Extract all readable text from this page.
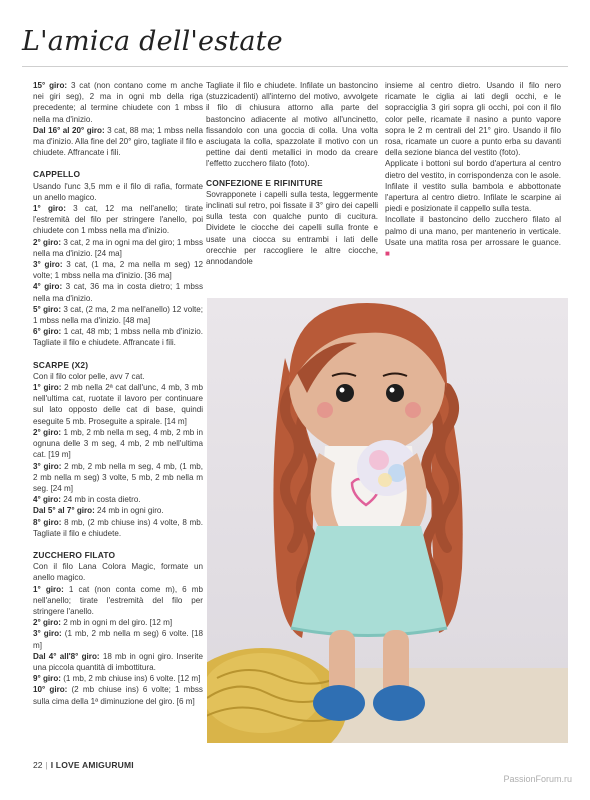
L'amica dell'estate

15° giro: 3 cat (non contano come m anche nei giri seg), 2 ma in ogni mb della riga precedente; al termine chiudete con 1 mbss nella ma d'inizio.

Dal 16° al 20° giro: 3 cat, 88 ma; 1 mbss nella ma d'inizio. Alla fine del 20° giro, tagliate il filo e chiudete. Affrancate i fili.

CAPPELLO

Usando l'unc 3,5 mm e il filo di rafia, formate un anello magico.

1° giro: 3 cat, 12 ma nell'anello; tirate l'estremità del filo per stringere l'anello, poi chiudete con 1 mbss nella ma d'inizio.

2° giro: 3 cat, 2 ma in ogni ma del giro; 1 mbss nella ma d'inizio. [24 ma]

3° giro: 3 cat, (1 ma, 2 ma nella m seg) 12 volte; 1 mbss nella ma d'inizio. [36 ma]

4° giro: 3 cat, 36 ma in costa dietro; 1 mbss nella ma d'inizio.

5° giro: 3 cat, (2 ma, 2 ma nell'anello) 12 volte; 1 mbss nella ma d'inizio. [48 ma]

6° giro: 1 cat, 48 mb; 1 mbss nella mb d'inizio. Tagliate il filo e chiudete. Affrancate i fili.

SCARPE (X2)

Con il filo color pelle, avv 7 cat.

1° giro: 2 mb nella 2ª cat dall'unc, 4 mb, 3 mb nell'ultima cat, ruotate il lavoro per continuare sul lato opposto delle cat di base, quindi eseguite 5 mb. Proseguite a spirale. [14 m]

2° giro: 1 mb, 2 mb nella m seg, 4 mb, 2 mb in ognuna delle 3 m seg, 4 mb, 2 mb nell'ultima cat. [19 m]

3° giro: 2 mb, 2 mb nella m seg, 4 mb, (1 mb, 2 mb nella m seg) 3 volte, 5 mb, 2 mb nella m seg. [24 m]

4° giro: 24 mb in costa dietro.

Dal 5° al 7° giro: 24 mb in ogni giro.

8° giro: 8 mb, (2 mb chiuse ins) 4 volte, 8 mb. Tagliate il filo e chiudete.

ZUCCHERO FILATO

Con il filo Lana Colora Magic, formate un anello magico.

1° giro: 1 cat (non conta come m), 6 mb nell'anello; tirate l'estremità del filo per stringere l'anello.

2° giro: 2 mb in ogni m del giro. [12 m]

3° giro: (1 mb, 2 mb nella m seg) 6 volte. [18 m]

Dal 4° all'8° giro: 18 mb in ogni giro. Inserite una piccola quantità di imbottitura.

9° giro: (1 mb, 2 mb chiuse ins) 6 volte. [12 m]

10° giro: (2 mb chiuse ins) 6 volte; 1 mbss sulla cima della 1ª diminuzione del giro. [6 m]

Tagliate il filo e chiudete. Infilate un bastoncino (stuzzicadenti) all'interno del motivo, avvolgete il filo di chiusura attorno alla parte del bastoncino adiacente al motivo all'uncinetto, fissandolo con una goccia di colla. Una volta asciugata la colla, spazzolate il motivo con un pettine dai denti metallici in modo da creare l'effetto zucchero filato (foto).

CONFEZIONE E RIFINITURE

Sovrapponete i capelli sulla testa, leggermente inclinati sul retro, poi fissate il 3° giro dei capelli sulla testa con qualche punto di cucitura. Dividete le ciocche dei capelli sulla fronte e usate una ciocca su entrambi i lati delle orecchie per raccogliere le altre ciocche, annodandole

insieme al centro dietro. Usando il filo nero ricamate le ciglia ai lati degli occhi, e le sopracciglia 3 giri sopra gli occhi, poi con il filo color pelle, ricamate il nasino a punto vapore sopra le 2 m centrali del 21° giro. Usando il filo rosa, ricamate un cuore a punto erba su davanti della sezione bianca del vestito (foto).

Applicate i bottoni sul bordo d'apertura al centro dietro del vestito, in corrispondenza con le asole. Infilate il vestito sulla bambola e abbottonate l'apertura al centro dietro. Infilate le scarpine ai piedi e posizionate il cappello sulla testa.

Incollate il bastoncino dello zucchero filato al palmo di una mano, per mantenerio in verticale. Usate una matita rosa per arrossare le guance. ■

22 | I LOVE AMIGURUMI
PassionForum.ru
